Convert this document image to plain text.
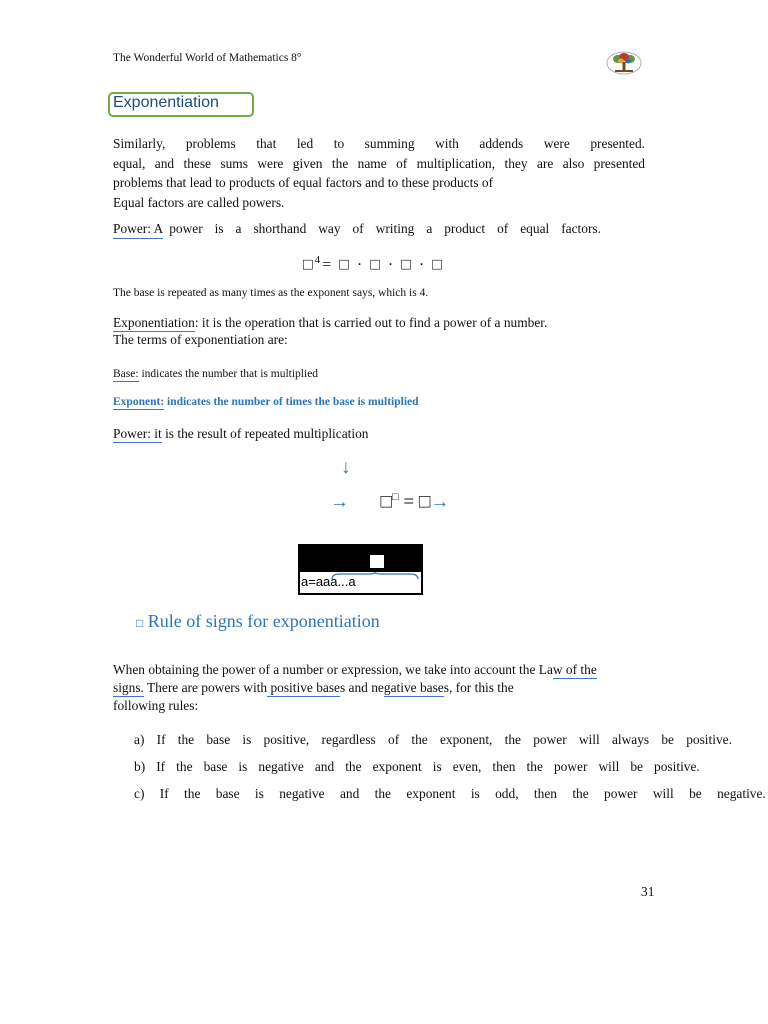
The Wonderful World of Mathematics 8°
Exponentiation
Similarly, problems that led to summing with addends were presented.
equal, and these sums were given the name of multiplication, they are also presented
problems that lead to products of equal factors and to these products of
Equal factors are called powers.
Power: A power is a shorthand way of writing a product of equal factors.
□$^4$= □ · □ · □ · □
The base is repeated as many times as the exponent says, which is 4.
Exponentiation: it is the operation that is carried out to find a power of a number.
The terms of exponentiation are:
Base: indicates the number that is multiplied
Exponent: indicates the number of times the base is multiplied
Power: it is the result of repeated multiplication
↓
→ □□ = □→
a=aaa...a
□ Rule of signs for exponentiation
When obtaining the power of a number or expression, we take into account the Law of the
signs. There are powers with positive bases and negative bases, for this the
following rules:
a) If the base is positive, regardless of the exponent, the power will always be positive.
b) If the base is negative and the exponent is even, then the power will be positive.
c) If the base is negative and the exponent is odd, then the power will be negative.
31
